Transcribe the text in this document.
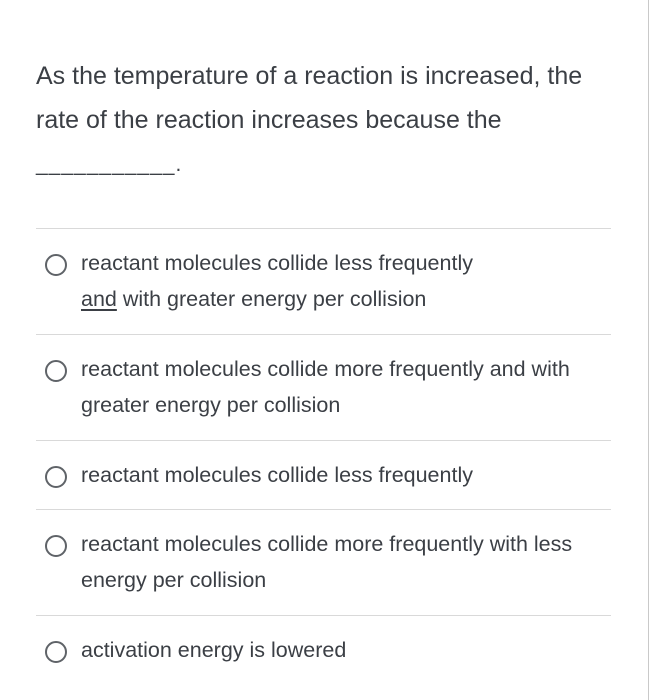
As the temperature of a reaction is increased, the rate of the reaction increases because the

___________.
reactant molecules collide less frequently
and with greater energy per collision
reactant molecules collide more frequently and with greater energy per collision
reactant molecules collide less frequently
reactant molecules collide more frequently with less energy per collision
activation energy is lowered
